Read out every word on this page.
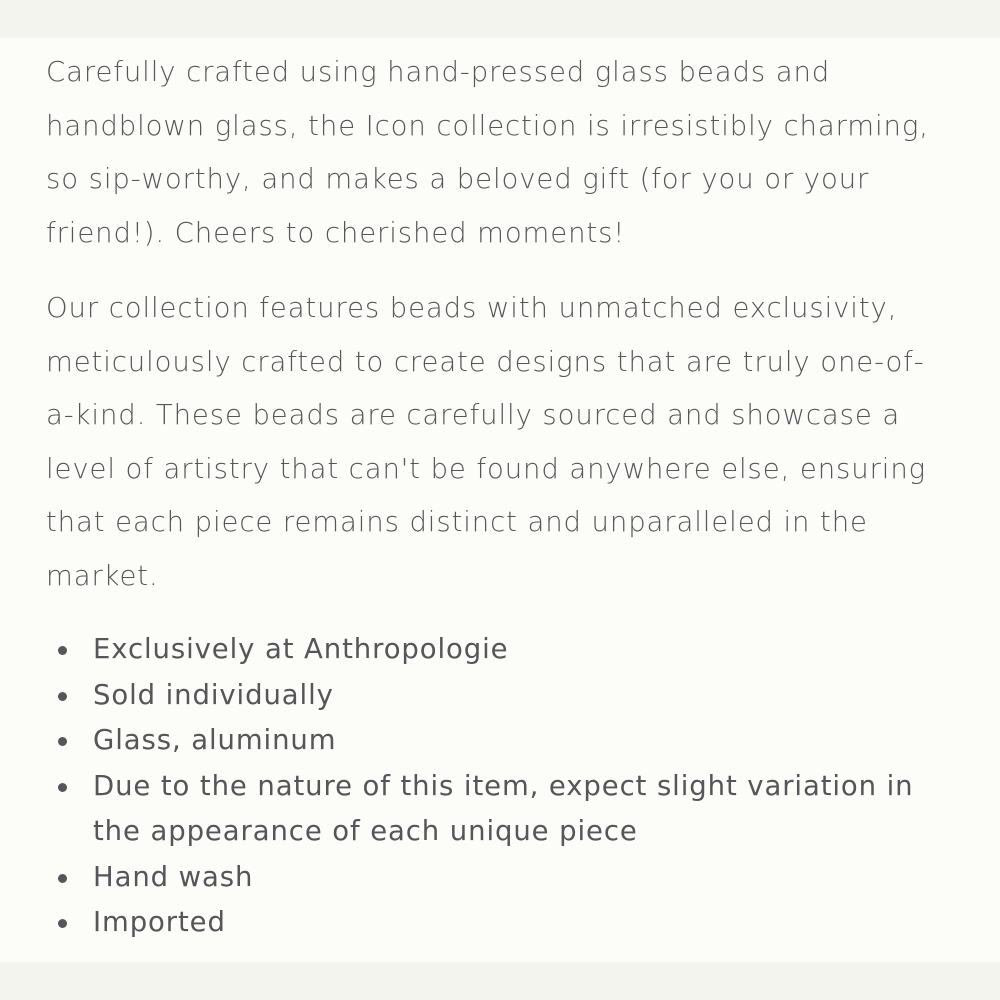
Carefully crafted using hand-pressed glass beads and handblown glass, the Icon collection is irresistibly charming, so sip-worthy, and makes a beloved gift (for you or your friend!). Cheers to cherished moments!

Our collection features beads with unmatched exclusivity, meticulously crafted to create designs that are truly one-of-a-kind. These beads are carefully sourced and showcase a level of artistry that can't be found anywhere else, ensuring that each piece remains distinct and unparalleled in the market.

Exclusively at Anthropologie
Sold individually
Glass, aluminum
Due to the nature of this item, expect slight variation in the appearance of each unique piece
Hand wash
Imported
